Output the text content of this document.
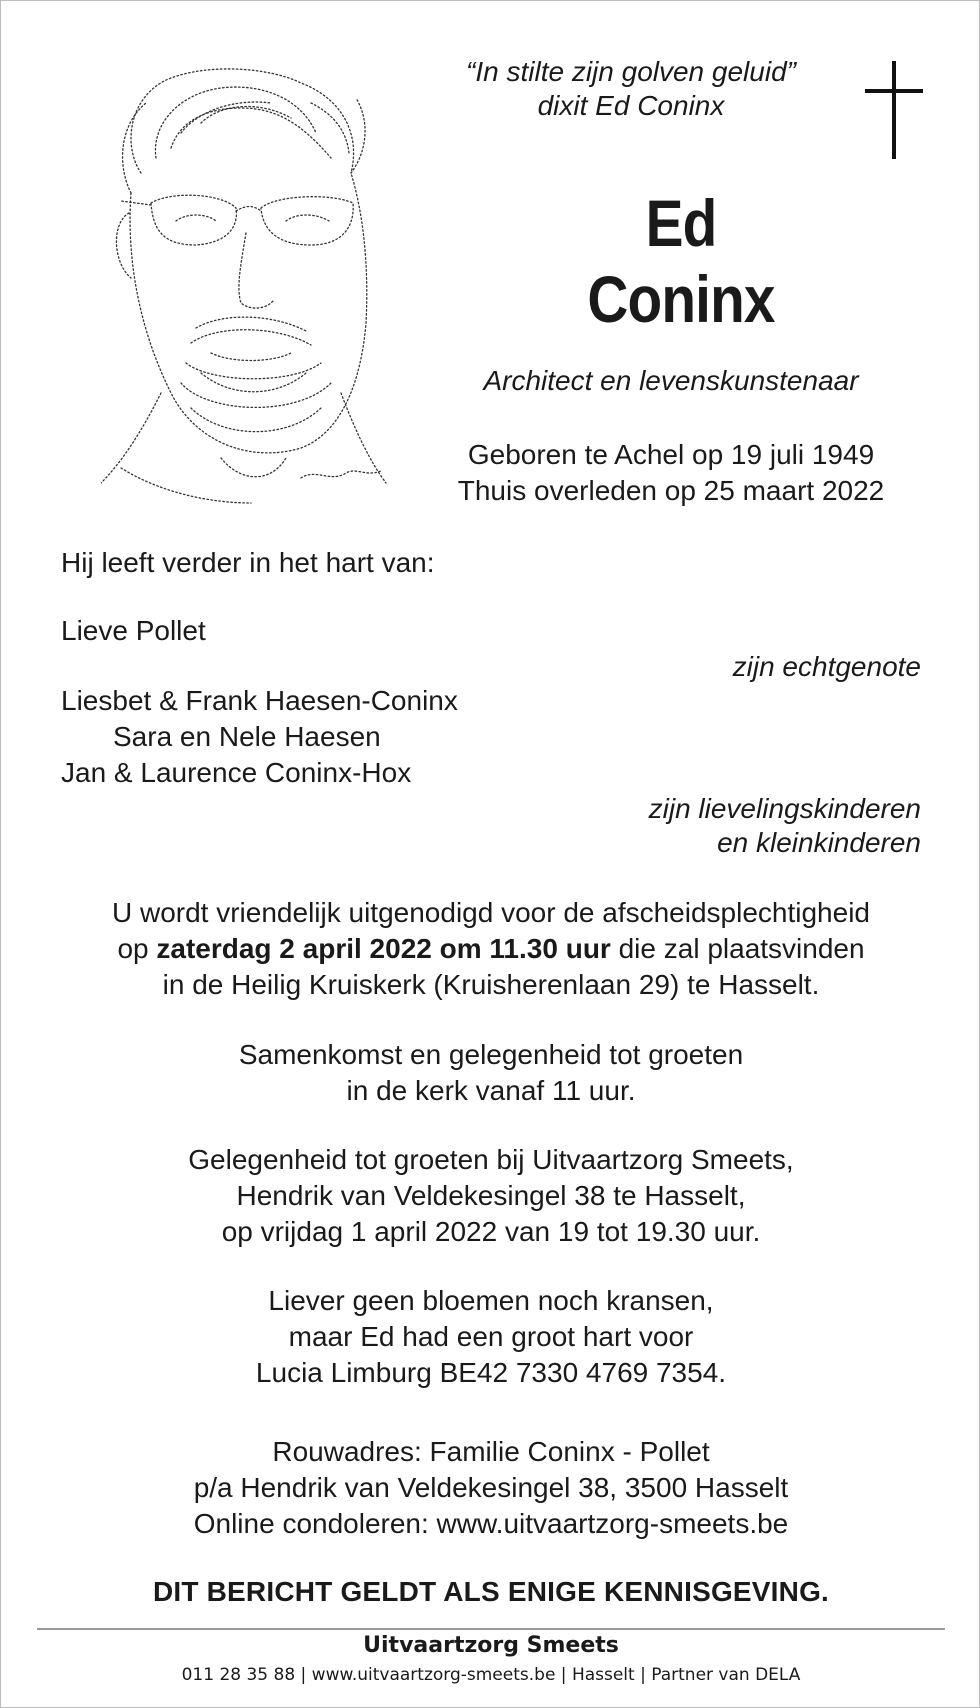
“In stilte zijn golven geluid”
dixit Ed Coninx
Ed
Coninx
Architect en levenskunstenaar
Geboren te Achel op 19 juli 1949
Thuis overleden op 25 maart 2022
Hij leeft verder in het hart van:
Lieve Pollet
zijn echtgenote
Liesbet & Frank Haesen-Coninx
Sara en Nele Haesen
Jan & Laurence Coninx-Hox
zijn lievelingskinderen
en kleinkinderen
U wordt vriendelijk uitgenodigd voor de afscheidsplechtigheid
op zaterdag 2 april 2022 om 11.30 uur die zal plaatsvinden
in de Heilig Kruiskerk (Kruisherenlaan 29) te Hasselt.
Samenkomst en gelegenheid tot groeten
in de kerk vanaf 11 uur.
Gelegenheid tot groeten bij Uitvaartzorg Smeets,
Hendrik van Veldekesingel 38 te Hasselt,
op vrijdag 1 april 2022 van 19 tot 19.30 uur.
Liever geen bloemen noch kransen,
maar Ed had een groot hart voor
Lucia Limburg BE42 7330 4769 7354.
Rouwadres: Familie Coninx - Pollet
p/a Hendrik van Veldekesingel 38, 3500 Hasselt
Online condoleren: www.uitvaartzorg-smeets.be
DIT BERICHT GELDT ALS ENIGE KENNISGEVING.
Uitvaartzorg Smeets
011 28 35 88 | www.uitvaartzorg-smeets.be | Hasselt | Partner van DELA
